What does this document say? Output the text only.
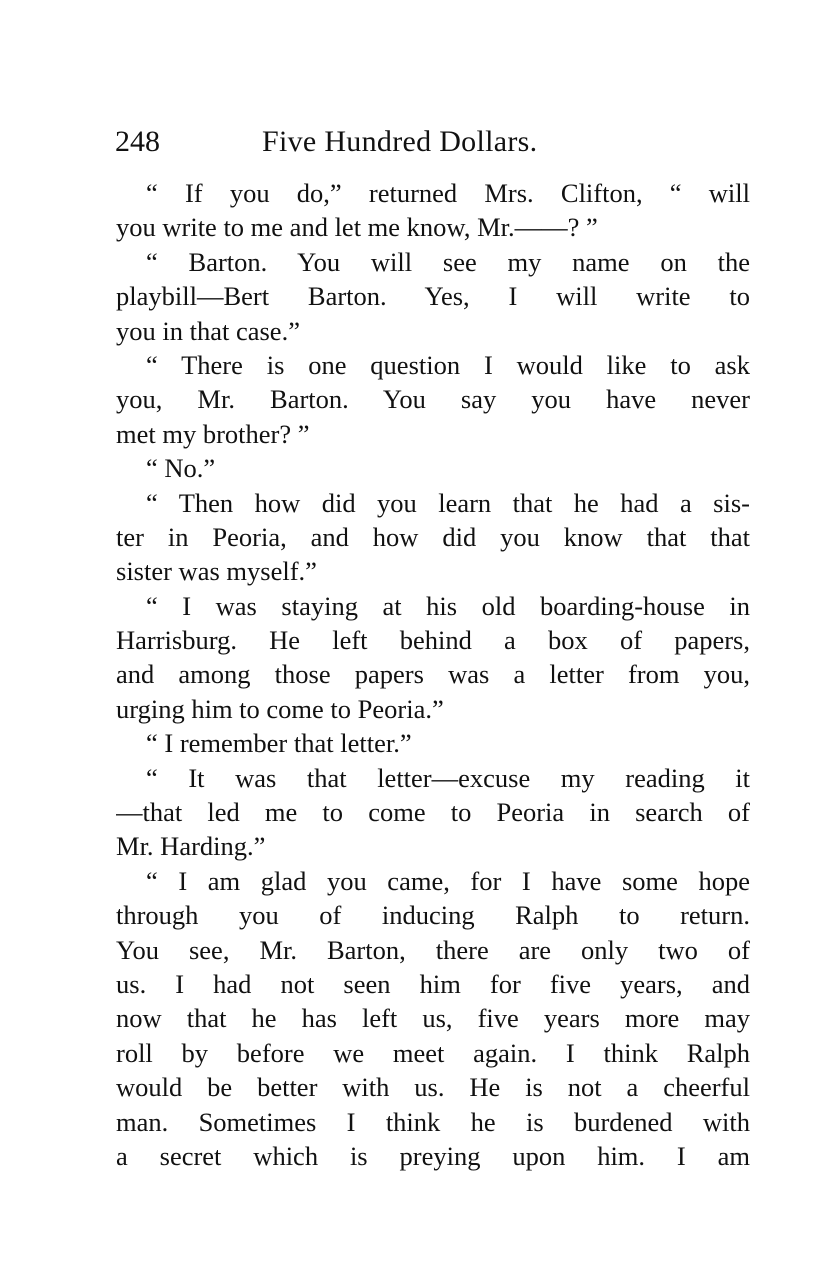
248	Five Hundred Dollars.
“ If you do,” returned Mrs. Clifton, “ will
you write to me and let me know, Mr.——? ”
“ Barton. You will see my name on the
playbill—Bert Barton. Yes, I will write to
you in that case.”
“ There is one question I would like to ask
you, Mr. Barton. You say you have never
met my brother? ”
“ No.”
“ Then how did you learn that he had a sis-
ter in Peoria, and how did you know that that
sister was myself.”
“ I was staying at his old boarding-house in
Harrisburg. He left behind a box of papers,
and among those papers was a letter from you,
urging him to come to Peoria.”
“ I remember that letter.”
“ It was that letter—excuse my reading it
—that led me to come to Peoria in search of
Mr. Harding.”
“ I am glad you came, for I have some hope
through you of inducing Ralph to return.
You see, Mr. Barton, there are only two of
us. I had not seen him for five years, and
now that he has left us, five years more may
roll by before we meet again. I think Ralph
would be better with us. He is not a cheerful
man. Sometimes I think he is burdened with
a secret which is preying upon him. I am
